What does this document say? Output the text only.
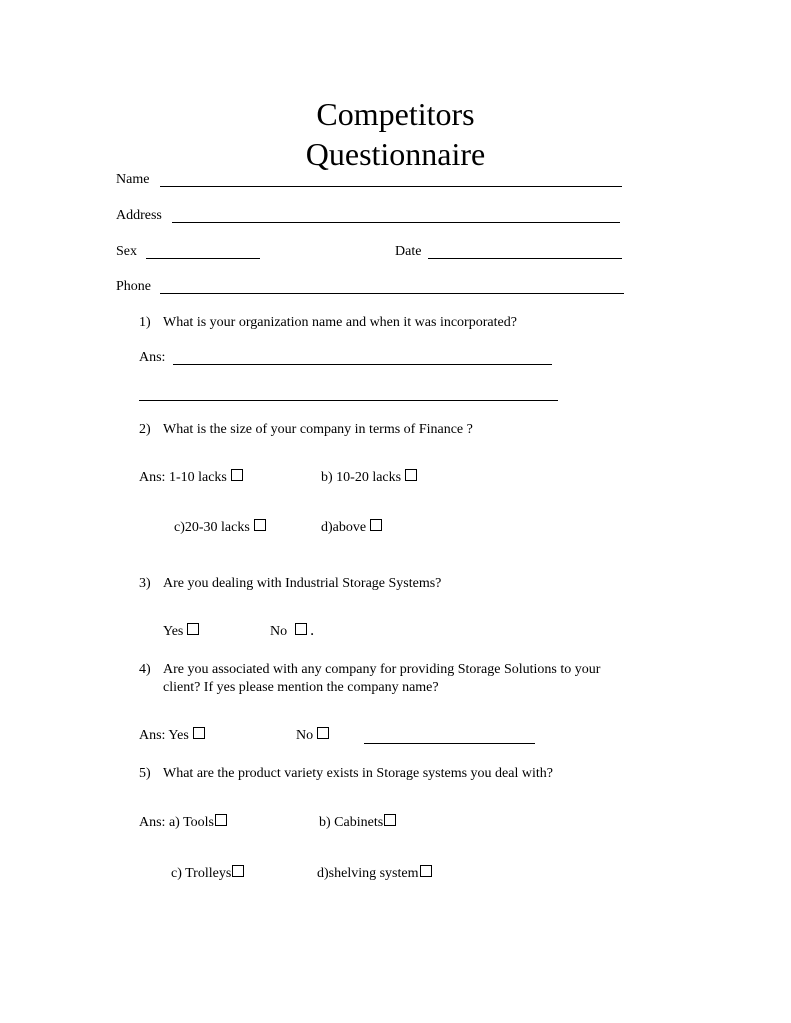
Competitors
Questionnaire
Name
Address
Sex	Date
Phone
1) What is your organization name and when it was incorporated?
Ans:
2) What is the size of your company in terms of Finance ?
Ans: 1-10 lacks	b) 10-20 lacks
c)20-30 lacks	d)above
3) Are you dealing with Industrial Storage Systems?
Yes	No .
4) Are you associated with any company for providing Storage Solutions to your
client? If yes please mention the company name?
Ans: Yes	No
5) What are the product variety exists in Storage systems you deal with?
Ans: a) Tools	b) Cabinets
c) Trolleys	d)shelving system
